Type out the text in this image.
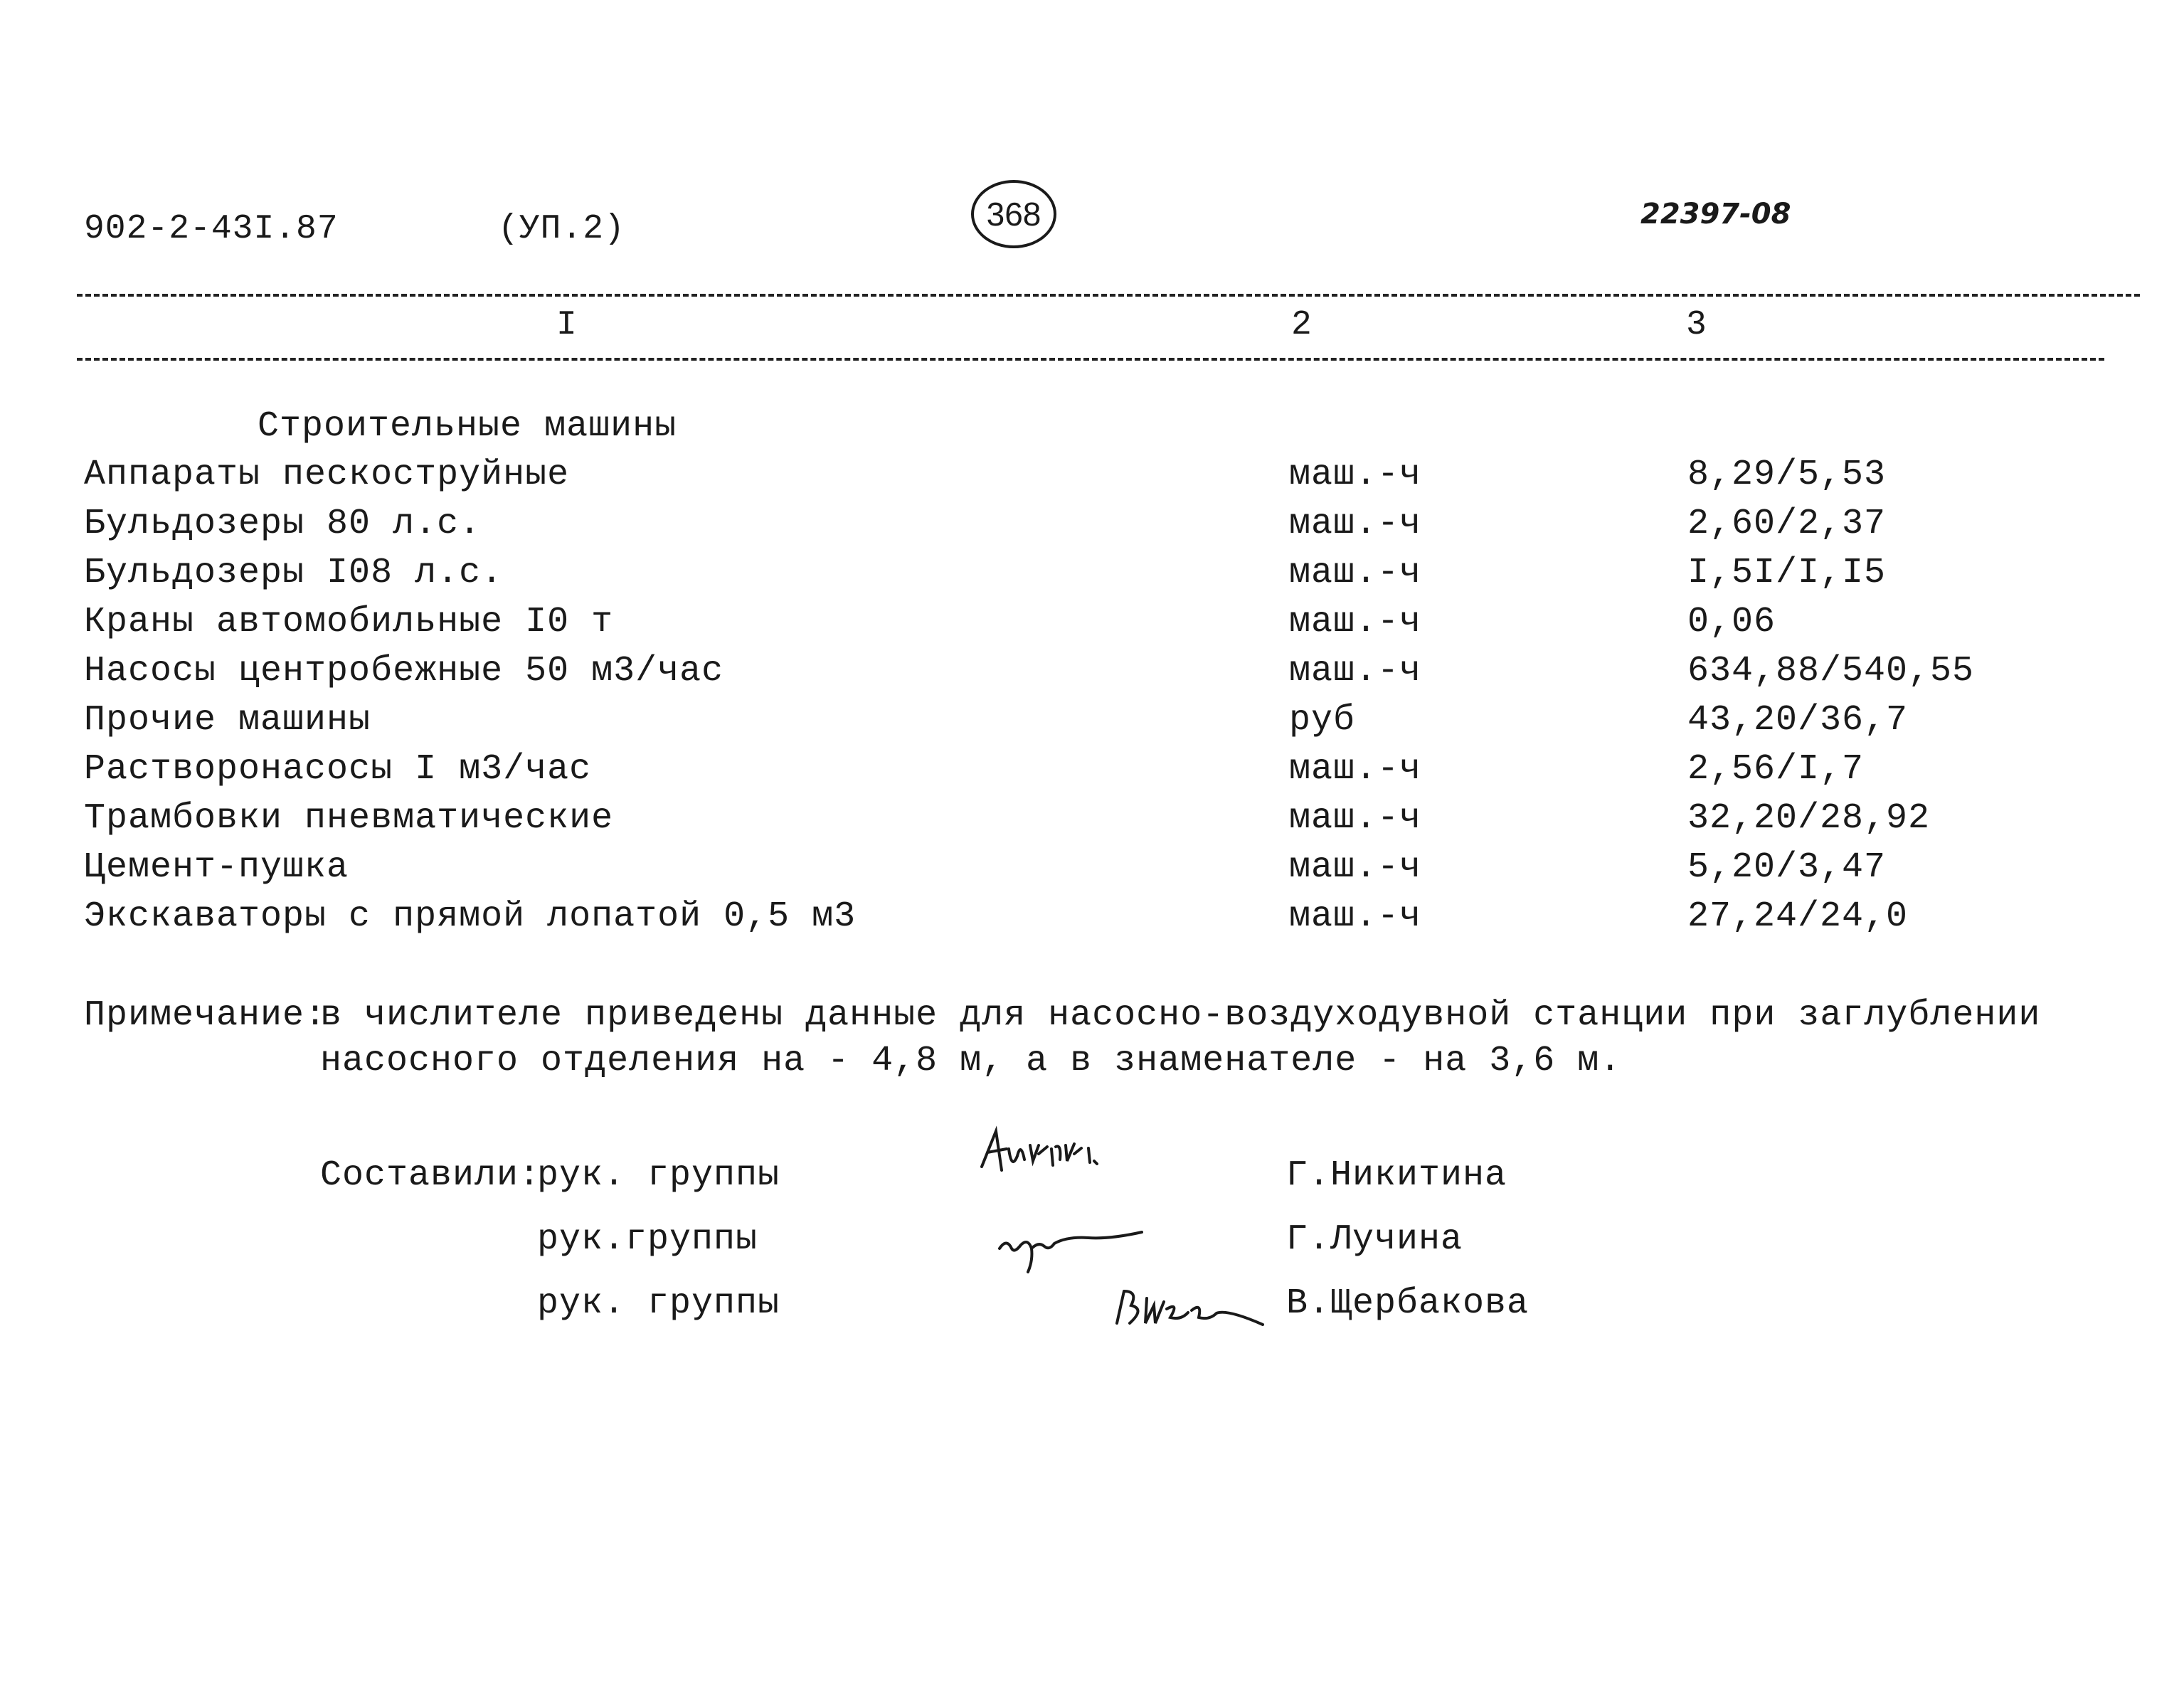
902-2-43I.87	(УП.2)	368	22397-08
I	2	3
Строительные машины
Аппараты пескоструйные	маш.-ч	8,29/5,53
Бульдозеры 80 л.с.	маш.-ч	2,60/2,37
Бульдозеры I08 л.с.	маш.-ч	I,5I/I,I5
Краны автомобильные I0 т	маш.-ч	0,06
Насосы центробежные 50 м3/час	маш.-ч	634,88/540,55
Прочие машины	руб	43,20/36,7
Растворонасосы I м3/час	маш.-ч	2,56/I,7
Трамбовки пневматические	маш.-ч	32,20/28,92
Цемент-пушка	маш.-ч	5,20/3,47
Экскаваторы с прямой лопатой 0,5 м3	маш.-ч	27,24/24,0
Примечание:
в числителе приведены данные для насосно-воздуходувной станции при заглублении
насосного отделения на - 4,8 м, а в знаменателе - на 3,6 м.
Составили:
рук. группы	Г.Никитина
рук.группы	Г.Лучина
рук. группы	В.Щербакова
